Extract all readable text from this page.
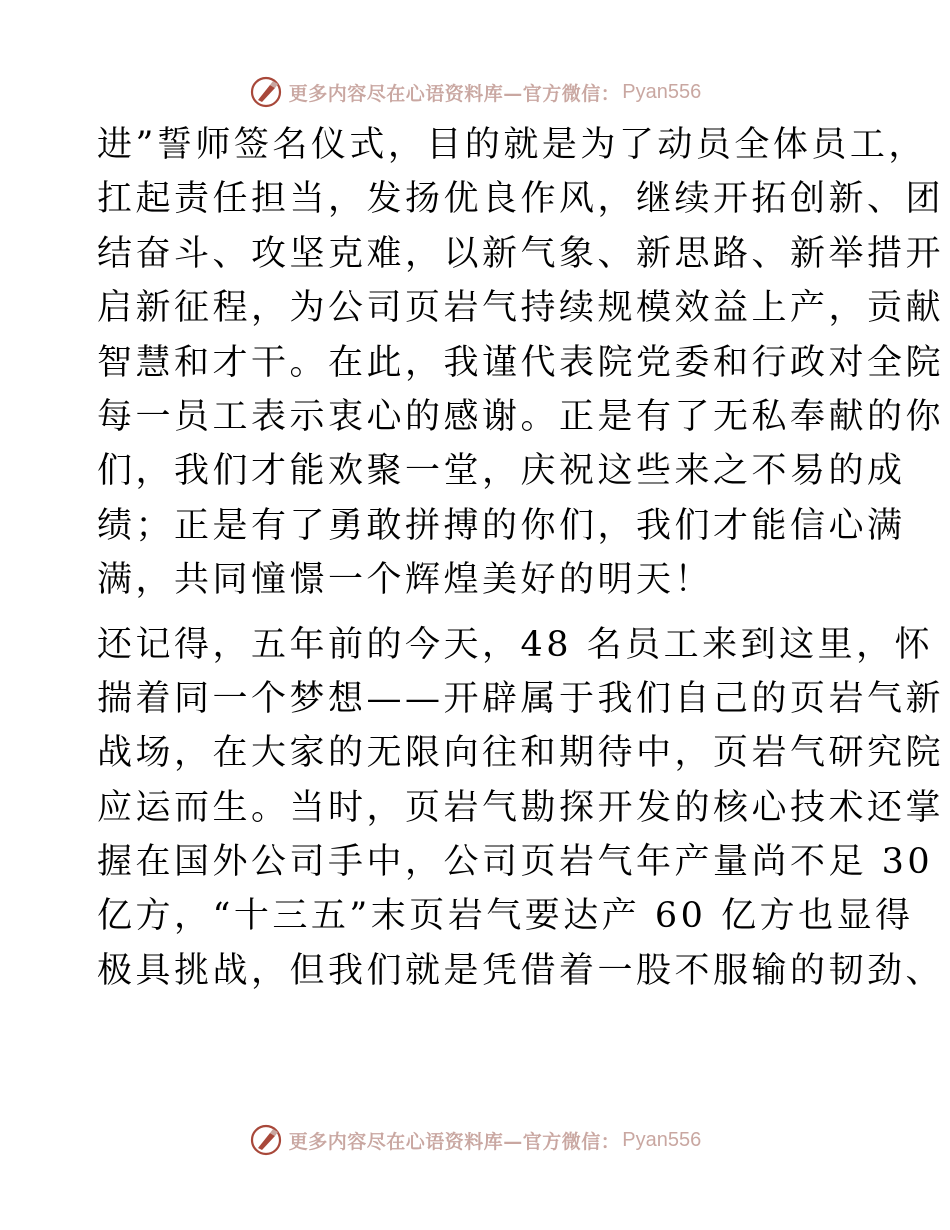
更多内容尽在心语资料库—官方微信： Pyan556

进”誓师签名仪式，目的就是为了动员全体员工，
扛起责任担当，发扬优良作风，继续开拓创新、团
结奋斗、攻坚克难，以新气象、新思路、新举措开
启新征程，为公司页岩气持续规模效益上产，贡献
智慧和才干。在此，我谨代表院党委和行政对全院
每一员工表示衷心的感谢。正是有了无私奉献的你
们，我们才能欢聚一堂，庆祝这些来之不易的成
绩；正是有了勇敢拼搏的你们，我们才能信心满
满，共同憧憬一个辉煌美好的明天！

还记得，五年前的今天，48 名员工来到这里，怀
揣着同一个梦想——开辟属于我们自己的页岩气新
战场，在大家的无限向往和期待中，页岩气研究院
应运而生。当时，页岩气勘探开发的核心技术还掌
握在国外公司手中，公司页岩气年产量尚不足 30
亿方，“十三五”末页岩气要达产 60 亿方也显得
极具挑战，但我们就是凭借着一股不服输的韧劲、

更多内容尽在心语资料库—官方微信： Pyan556
